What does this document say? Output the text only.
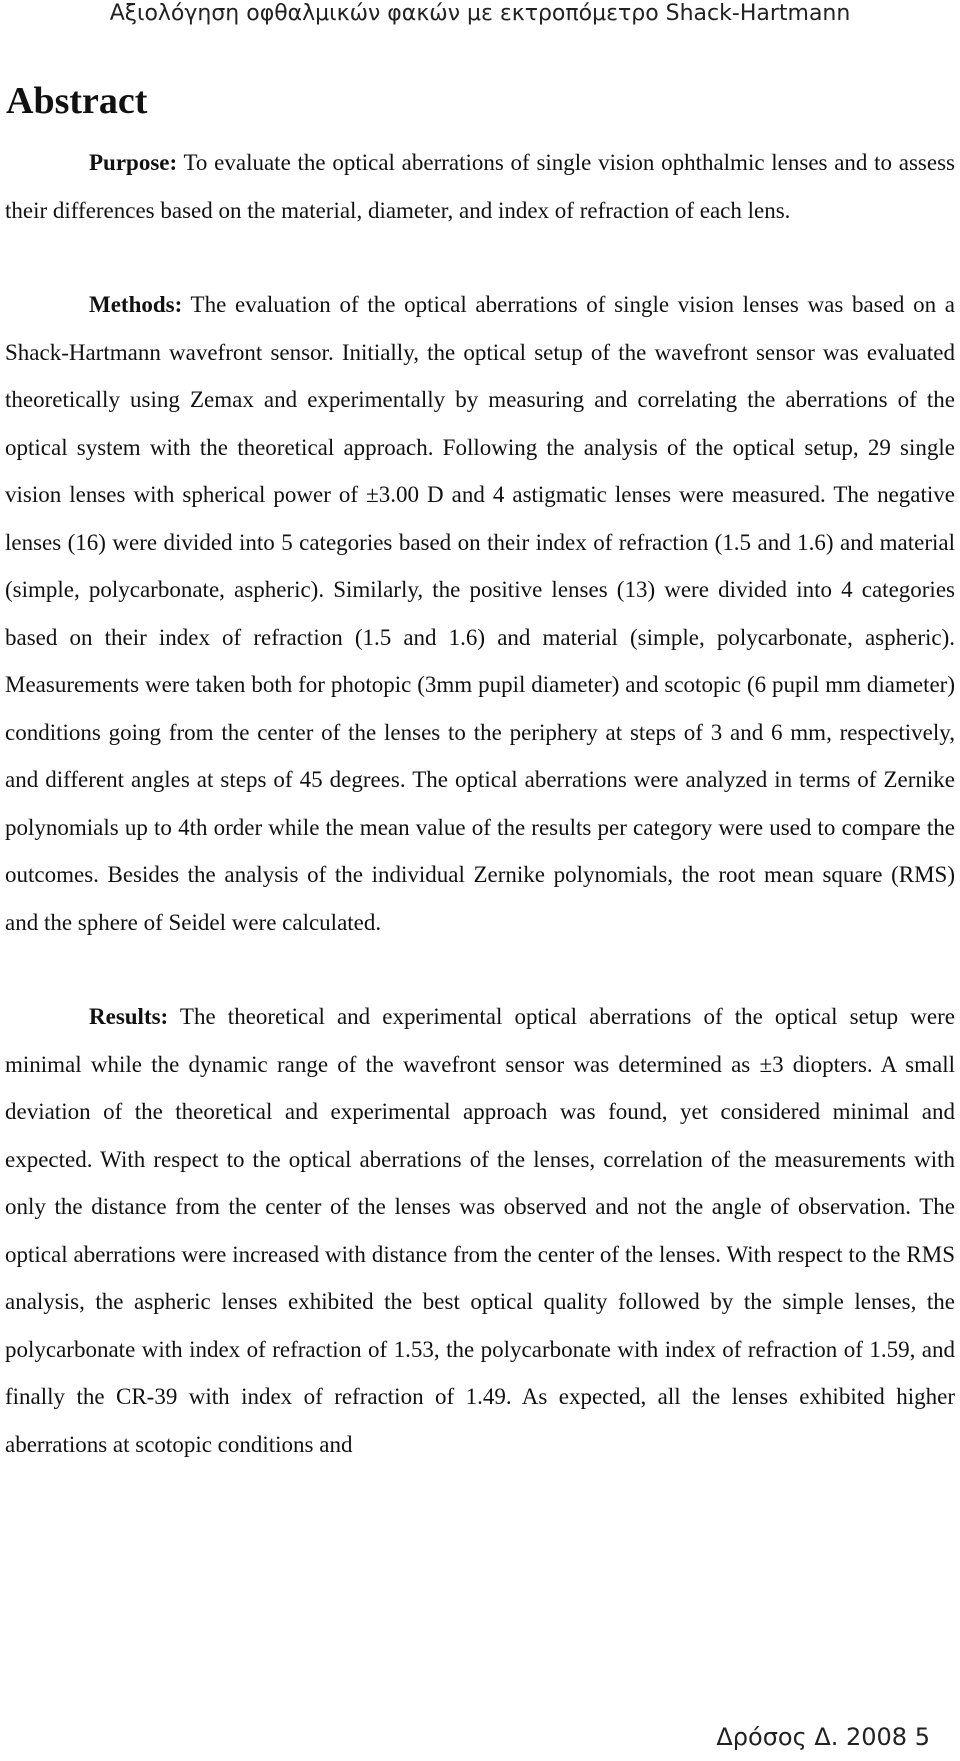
Αξιολόγηση οφθαλμικών φακών με εκτροπόμετρο Shack-Hartmann
Abstract

Purpose: To evaluate the optical aberrations of single vision ophthalmic lenses and to assess their differences based on the material, diameter, and index of refraction of each lens.

Methods: The evaluation of the optical aberrations of single vision lenses was based on a Shack-Hartmann wavefront sensor. Initially, the optical setup of the wavefront sensor was evaluated theoretically using Zemax and experimentally by measuring and correlating the aberrations of the optical system with the theoretical approach. Following the analysis of the optical setup, 29 single vision lenses with spherical power of ±3.00 D and 4 astigmatic lenses were measured. The negative lenses (16) were divided into 5 categories based on their index of refraction (1.5 and 1.6) and material (simple, polycarbonate, aspheric). Similarly, the positive lenses (13) were divided into 4 categories based on their index of refraction (1.5 and 1.6) and material (simple, polycarbonate, aspheric). Measurements were taken both for photopic (3mm pupil diameter) and scotopic (6 pupil mm diameter) conditions going from the center of the lenses to the periphery at steps of 3 and 6 mm, respectively, and different angles at steps of 45 degrees. The optical aberrations were analyzed in terms of Zernike polynomials up to 4th order while the mean value of the results per category were used to compare the outcomes. Besides the analysis of the individual Zernike polynomials, the root mean square (RMS) and the sphere of Seidel were calculated.

Results: The theoretical and experimental optical aberrations of the optical setup were minimal while the dynamic range of the wavefront sensor was determined as ±3 diopters. A small deviation of the theoretical and experimental approach was found, yet considered minimal and expected. With respect to the optical aberrations of the lenses, correlation of the measurements with only the distance from the center of the lenses was observed and not the angle of observation. The optical aberrations were increased with distance from the center of the lenses. With respect to the RMS analysis, the aspheric lenses exhibited the best optical quality followed by the simple lenses, the polycarbonate with index of refraction of 1.53, the polycarbonate with index of refraction of 1.59, and finally the CR-39 with index of refraction of 1.49. As expected, all the lenses exhibited higher aberrations at scotopic conditions and

Δρόσος Δ. 2008 5
